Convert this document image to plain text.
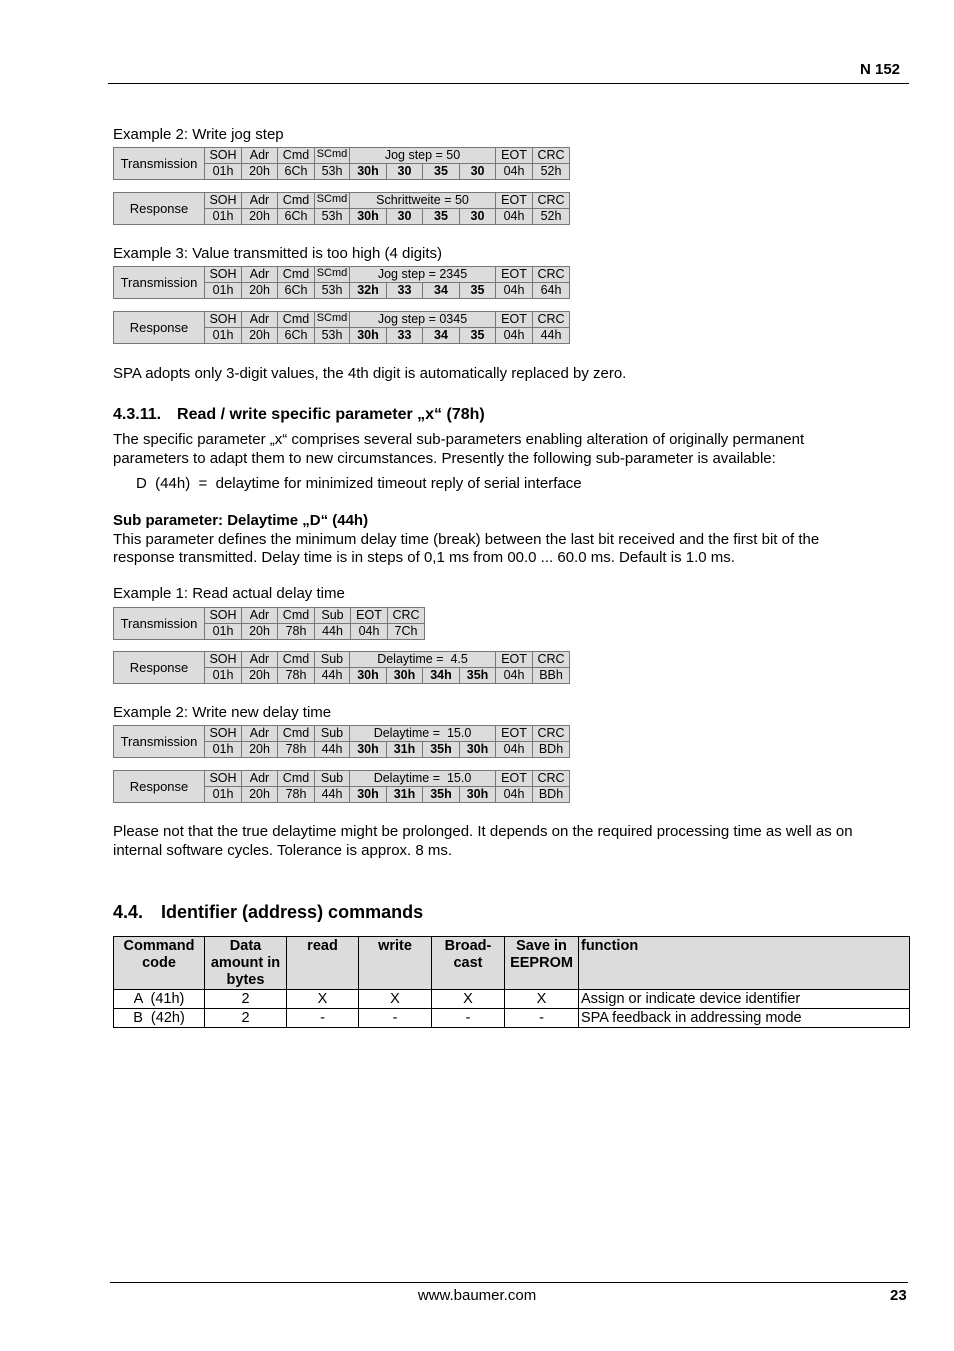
N 152
Example 2: Write jog step
Transmission	SOH	Adr	Cmd	SCmd	Jog step = 50				EOT	CRC
	01h	20h	6Ch	53h	30h	30	35	30	04h	52h
Response	SOH	Adr	Cmd	SCmd	Schrittweite = 50				EOT	CRC
	01h	20h	6Ch	53h	30h	30	35	30	04h	52h
Example 3: Value transmitted is too high (4 digits)
Transmission	SOH	Adr	Cmd	SCmd	Jog step = 2345				EOT	CRC
	01h	20h	6Ch	53h	32h	33	34	35	04h	64h
Response	SOH	Adr	Cmd	SCmd	Jog step = 0345				EOT	CRC
	01h	20h	6Ch	53h	30h	33	34	35	04h	44h
SPA adopts only 3-digit values, the 4th digit is automatically replaced by zero.
4.3.11. Read / write specific parameter „x“ (78h)
The specific parameter „x“ comprises several sub-parameters enabling alteration of originally permanent
parameters to adapt them to new circumstances. Presently the following sub-parameter is available:
D  (44h)  =  delaytime for minimized timeout reply of serial interface
Sub parameter: Delaytime „D“ (44h)
This parameter defines the minimum delay time (break) between the last bit received and the first bit of the
response transmitted. Delay time is in steps of 0,1 ms from 00.0 ... 60.0 ms. Default is 1.0 ms.
Example 1: Read actual delay time
Transmission	SOH	Adr	Cmd	Sub	EOT	CRC
	01h	20h	78h	44h	04h	7Ch
Response	SOH	Adr	Cmd	Sub	Delaytime =  4.5				EOT	CRC
	01h	20h	78h	44h	30h	30h	34h	35h	04h	BBh
Example 2: Write new delay time
Transmission	SOH	Adr	Cmd	Sub	Delaytime =  15.0				EOT	CRC
	01h	20h	78h	44h	30h	31h	35h	30h	04h	BDh
Response	SOH	Adr	Cmd	Sub	Delaytime =  15.0				EOT	CRC
	01h	20h	78h	44h	30h	31h	35h	30h	04h	BDh
Please not that the true delaytime might be prolonged. It depends on the required processing time as well as on
internal software cycles. Tolerance is approx. 8 ms.
4.4. Identifier (address) commands
Command code	Data amount in bytes	read	write	Broad-cast	Save in EEPROM	function
A  (41h)	2	X	X	X	X	Assign or indicate device identifier
B  (42h)	2	-	-	-	-	SPA feedback in addressing mode
www.baumer.com	23
